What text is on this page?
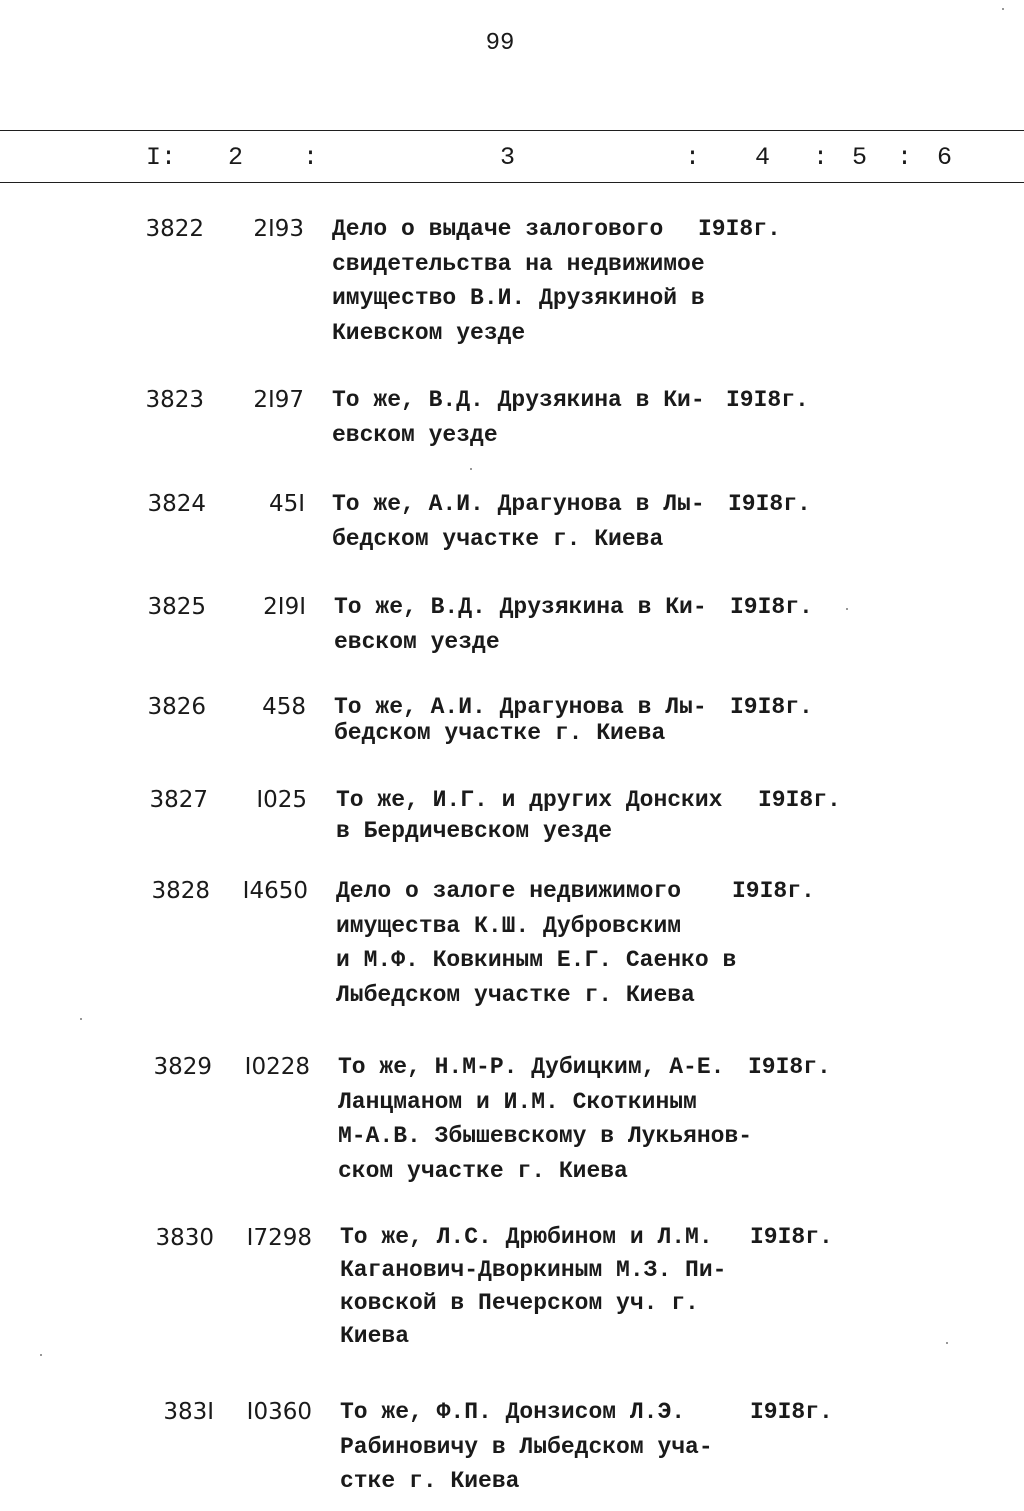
99
I: 2 :	3	: 4 : 5 : 6
3822	2I93 Дело о выдаче залогового
свидетельства на недвижимое
имущество В.И. Друзякиной в
Киевском уезде
I9I8г.
3823	2I97 То же, В.Д. Друзякина в Ки-
евском уезде
I9I8г.
3824	45I То же, А.И. Драгунова в Лы-
бедском участке г. Киева
I9I8г.
3825	2I9I То же, В.Д. Друзякина в Ки-
евском уезде
I9I8г.
3826	458 То же, А.И. Драгунова в Лы-
бедском участке г. Киева
I9I8г.
3827	I025 То же, И.Г. и других Донских
в Бердичевском уезде
I9I8г.
3828	I4650 Дело о залоге недвижимого
имущества К.Ш. Дубровским
и М.Ф. Ковкиным Е.Г. Саенко в
Лыбедском участке г. Киева
I9I8г.
3829	I0228 То же, Н.М-Р. Дубицким, А-Е.
Ланцманом и И.М. Скоткиным
М-А.В. Збышевскому в Лукьянов-
ском участке г. Киева
I9I8г.
3830	I7298 То же, Л.С. Дрюбином и Л.М.
Каганович-Дворкиным М.З. Пи-
ковской в Печерском уч. г.
Киева
I9I8г.
383I	I0360 То же, Ф.П. Донзисом Л.Э.
Рабиновичу в Лыбедском уча-
стке г. Киева
I9I8г.
